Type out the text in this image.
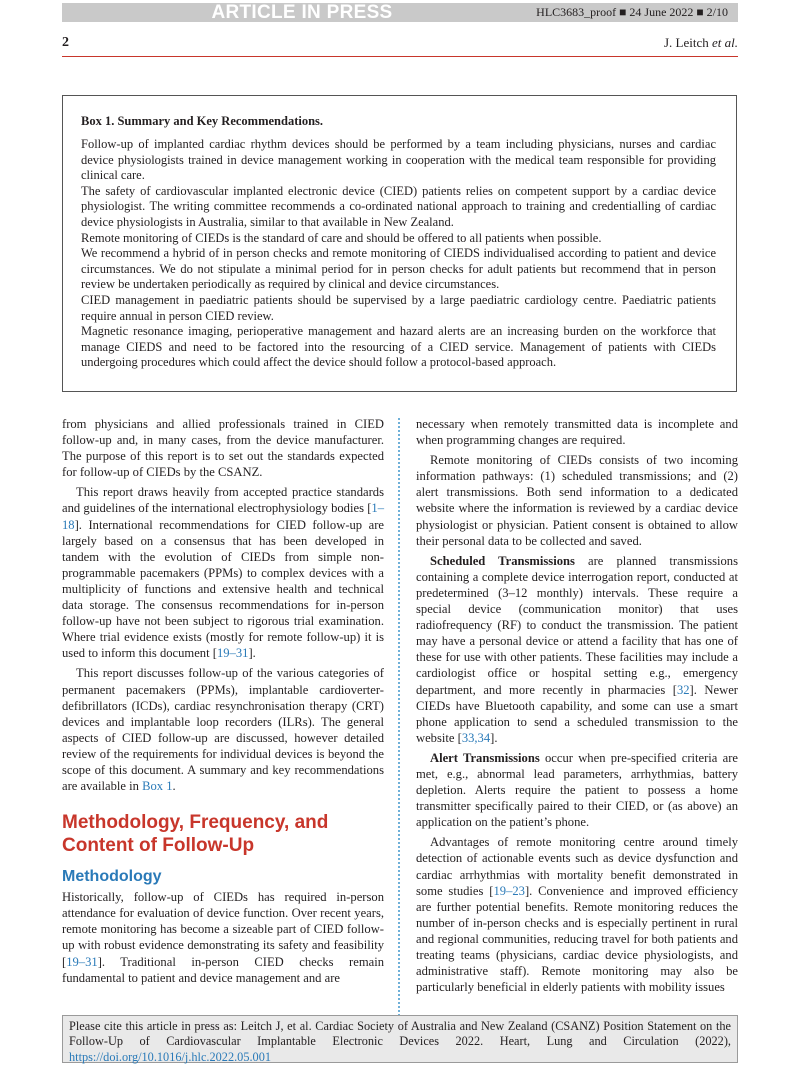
ARTICLE IN PRESS	HLC3683_proof ■ 24 June 2022 ■ 2/10
2	J. Leitch et al.
Box 1. Summary and Key Recommendations.
Follow-up of implanted cardiac rhythm devices should be performed by a team including physicians, nurses and cardiac device physiologists trained in device management working in cooperation with the medical team responsible for providing clinical care.
The safety of cardiovascular implanted electronic device (CIED) patients relies on competent support by a cardiac device physiologist. The writing committee recommends a co-ordinated national approach to training and credentialling of cardiac device physiologists in Australia, similar to that available in New Zealand.
Remote monitoring of CIEDs is the standard of care and should be offered to all patients when possible.
We recommend a hybrid of in person checks and remote monitoring of CIEDS individualised according to patient and device circumstances. We do not stipulate a minimal period for in person checks for adult patients but recommend that in person review be undertaken periodically as required by clinical and device circumstances.
CIED management in paediatric patients should be supervised by a large paediatric cardiology centre. Paediatric patients require annual in person CIED review.
Magnetic resonance imaging, perioperative management and hazard alerts are an increasing burden on the workforce that manage CIEDS and need to be factored into the resourcing of a CIED service. Management of patients with CIEDs undergoing procedures which could affect the device should follow a protocol-based approach.

from physicians and allied professionals trained in CIED follow-up and, in many cases, from the device manufacturer. The purpose of this report is to set out the standards expected for follow-up of CIEDs by the CSANZ.

This report draws heavily from accepted practice standards and guidelines of the international electrophysiology bodies [1–18]. International recommendations for CIED follow-up are largely based on a consensus that has been developed in tandem with the evolution of CIEDs from simple non-programmable pacemakers (PPMs) to complex devices with a multiplicity of functions and extensive health and technical data storage. The consensus recommendations for in-person follow-up have not been subject to rigorous trial examination. Where trial evidence exists (mostly for remote follow-up) it is used to inform this document [19–31].

This report discusses follow-up of the various categories of permanent pacemakers (PPMs), implantable cardioverter-defibrillators (ICDs), cardiac resynchronisation therapy (CRT) devices and implantable loop recorders (ILRs). The general aspects of CIED follow-up are discussed, however detailed review of the requirements for individual devices is beyond the scope of this document. A summary and key recommendations are available in Box 1.

Methodology, Frequency, and Content of Follow-Up
Methodology

Historically, follow-up of CIEDs has required in-person attendance for evaluation of device function. Over recent years, remote monitoring has become a sizeable part of CIED follow-up with robust evidence demonstrating its safety and feasibility [19–31]. Traditional in-person CIED checks remain fundamental to patient and device management and are

necessary when remotely transmitted data is incomplete and when programming changes are required.

Remote monitoring of CIEDs consists of two incoming information pathways: (1) scheduled transmissions; and (2) alert transmissions. Both send information to a dedicated website where the information is reviewed by a cardiac device physiologist or physician. Patient consent is obtained to allow their personal data to be collected and saved.

Scheduled Transmissions are planned transmissions containing a complete device interrogation report, conducted at predetermined (3–12 monthly) intervals. These require a special device (communication monitor) that uses radiofrequency (RF) to conduct the transmission. The patient may have a personal device or attend a facility that has one of these for use with other patients. These facilities may include a cardiologist office or hospital setting e.g., emergency department, and more recently in pharmacies [32]. Newer CIEDs have Bluetooth capability, and some can use a smart phone application to send a scheduled transmission to the website [33,34].

Alert Transmissions occur when pre-specified criteria are met, e.g., abnormal lead parameters, arrhythmias, battery depletion. Alerts require the patient to possess a home transmitter specifically paired to their CIED, or (as above) an application on the patient’s phone.

Advantages of remote monitoring centre around timely detection of actionable events such as device dysfunction and cardiac arrhythmias with mortality benefit demonstrated in some studies [19–23]. Convenience and improved efficiency are further potential benefits. Remote monitoring reduces the number of in-person checks and is especially pertinent in rural and regional communities, reducing travel for both patients and treating teams (physicians, cardiac device physiologists, and administrative staff). Remote monitoring may also be particularly beneficial in elderly patients with mobility issues

Please cite this article in press as: Leitch J, et al. Cardiac Society of Australia and New Zealand (CSANZ) Position Statement on the Follow-Up of Cardiovascular Implantable Electronic Devices 2022. Heart, Lung and Circulation (2022), https://doi.org/10.1016/j.hlc.2022.05.001
